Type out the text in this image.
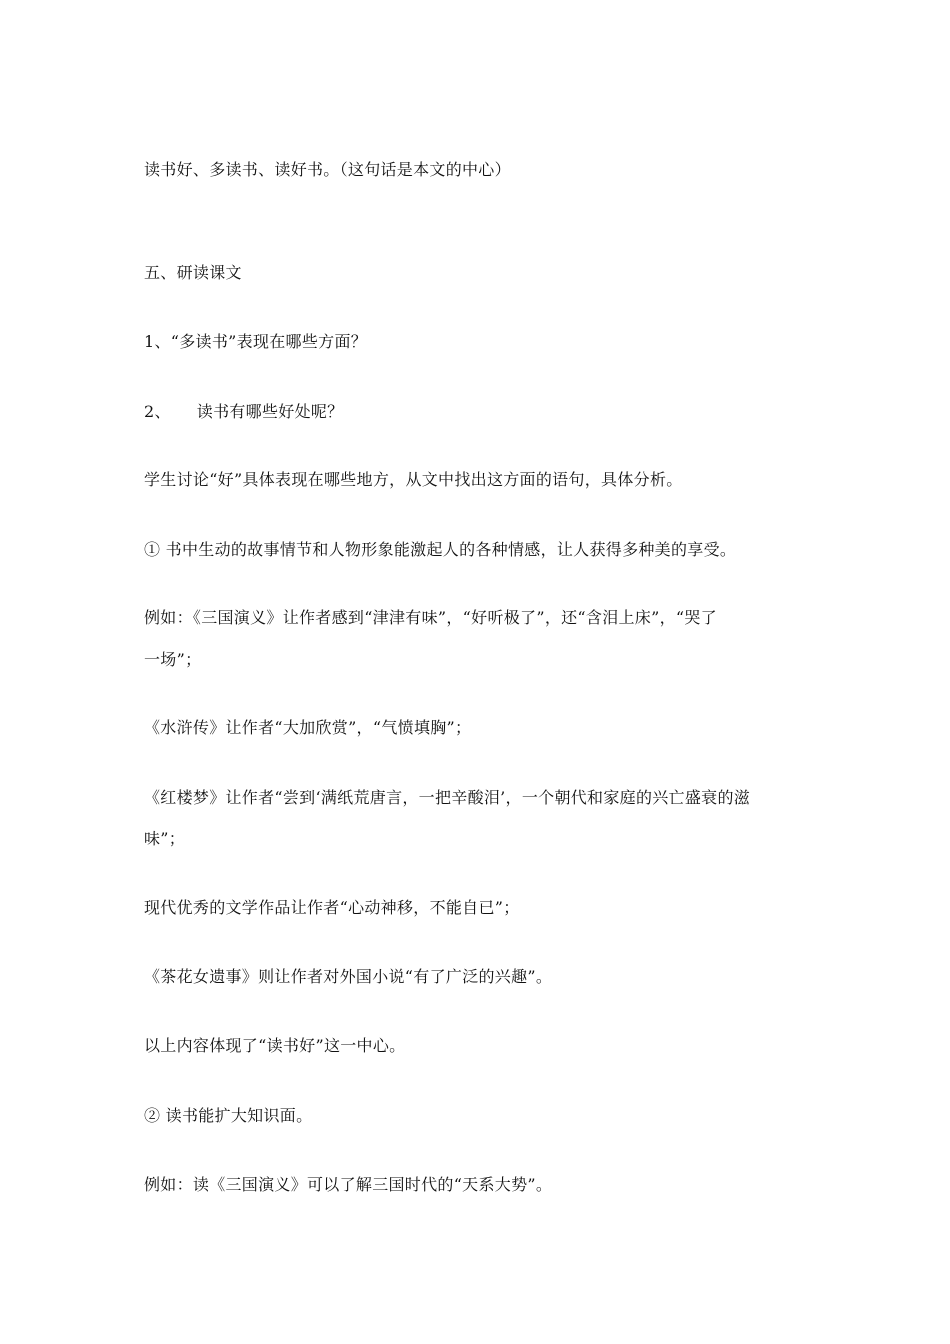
读书好、多读书、读好书。（这句话是本文的中心）
五、研读课文
1、“多读书”表现在哪些方面？
2、 读书有哪些好处呢？
学生讨论“好”具体表现在哪些地方，从文中找出这方面的语句，具体分析。
① 书中生动的故事情节和人物形象能激起人的各种情感，让人获得多种美的享受。
例如：《三国演义》让作者感到“津津有味”，“好听极了”，还“含泪上床”，“哭了
一场”；
《水浒传》让作者“大加欣赏”，“气愤填胸”；
《红楼梦》让作者“尝到‘满纸荒唐言，一把辛酸泪’，一个朝代和家庭的兴亡盛衰的滋
味”；
现代优秀的文学作品让作者“心动神移，不能自已”；
《茶花女遗事》则让作者对外国小说“有了广泛的兴趣”。
以上内容体现了“读书好”这一中心。
② 读书能扩大知识面。
例如：读《三国演义》可以了解三国时代的“天系大势”。
